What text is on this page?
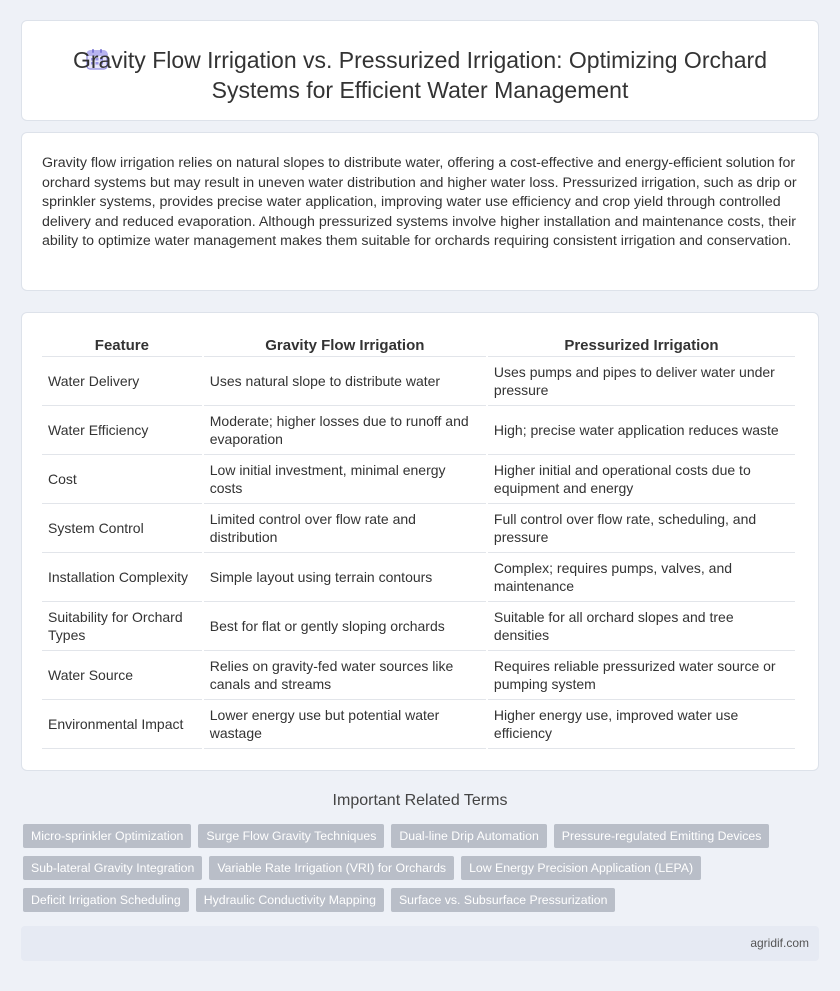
Gravity Flow Irrigation vs. Pressurized Irrigation: Optimizing Orchard Systems for Efficient Water Management

Gravity flow irrigation relies on natural slopes to distribute water, offering a cost-effective and energy-efficient solution for orchard systems but may result in uneven water distribution and higher water loss. Pressurized irrigation, such as drip or sprinkler systems, provides precise water application, improving water use efficiency and crop yield through controlled delivery and reduced evaporation. Although pressurized systems involve higher installation and maintenance costs, their ability to optimize water management makes them suitable for orchards requiring consistent irrigation and conservation.

Feature	Gravity Flow Irrigation	Pressurized Irrigation
Water Delivery	Uses natural slope to distribute water	Uses pumps and pipes to deliver water under pressure
Water Efficiency	Moderate; higher losses due to runoff and evaporation	High; precise water application reduces waste
Cost	Low initial investment, minimal energy costs	Higher initial and operational costs due to equipment and energy
System Control	Limited control over flow rate and distribution	Full control over flow rate, scheduling, and pressure
Installation Complexity	Simple layout using terrain contours	Complex; requires pumps, valves, and maintenance
Suitability for Orchard Types	Best for flat or gently sloping orchards	Suitable for all orchard slopes and tree densities
Water Source	Relies on gravity-fed water sources like canals and streams	Requires reliable pressurized water source or pumping system
Environmental Impact	Lower energy use but potential water wastage	Higher energy use, improved water use efficiency
Important Related Terms
Micro-sprinkler Optimization	Surge Flow Gravity Techniques	Dual-line Drip Automation	Pressure-regulated Emitting Devices
Sub-lateral Gravity Integration	Variable Rate Irrigation (VRI) for Orchards	Low Energy Precision Application (LEPA)
Deficit Irrigation Scheduling	Hydraulic Conductivity Mapping	Surface vs. Subsurface Pressurization
agridif.com
